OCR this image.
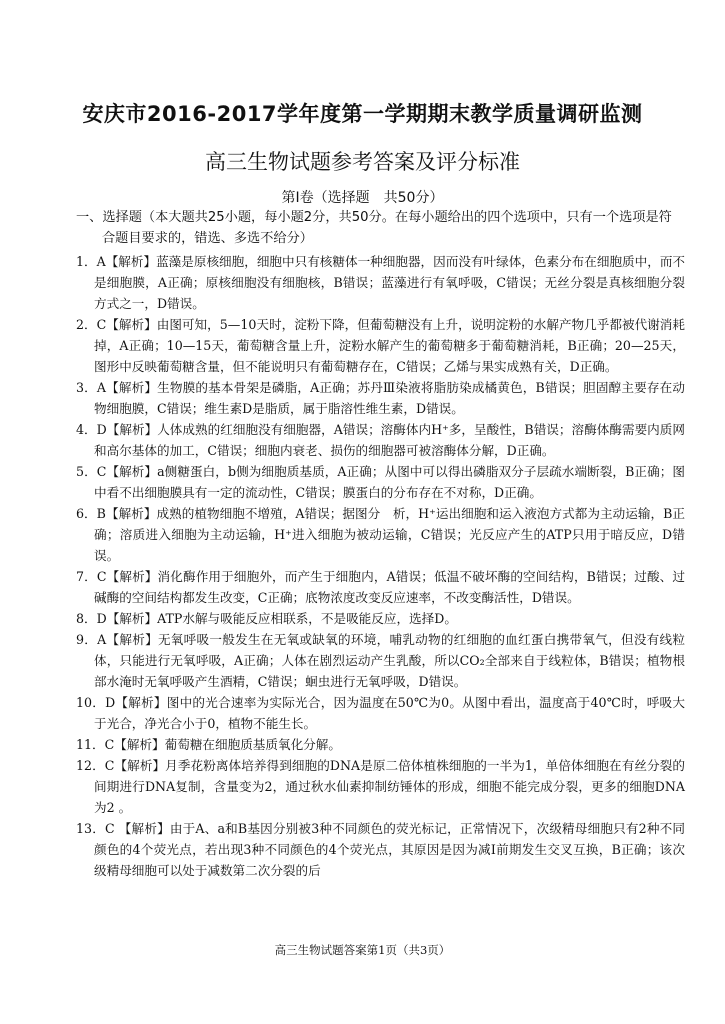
安庆市2016-2017学年度第一学期期末教学质量调研监测
高三生物试题参考答案及评分标准
第Ⅰ卷（选择题　共50分）
一、选择题（本大题共25小题，每小题2分，共50分。在每小题给出的四个选项中，只有一个选项是符合题目要求的，错选、多选不给分）

1．A【解析】蓝藻是原核细胞，细胞中只有核糖体一种细胞器，因而没有叶绿体，色素分布在细胞质中，而不是细胞膜，A正确；原核细胞没有细胞核，B错误；蓝藻进行有氧呼吸，C错误；无丝分裂是真核细胞分裂方式之一，D错误。

2．C【解析】由图可知，5—10天时，淀粉下降，但葡萄糖没有上升，说明淀粉的水解产物几乎都被代谢消耗掉，A正确；10—15天，葡萄糖含量上升，淀粉水解产生的葡萄糖多于葡萄糖消耗，B正确；20—25天，图形中反映葡萄糖含量，但不能说明只有葡萄糖存在，C错误；乙烯与果实成熟有关，D正确。

3．A【解析】生物膜的基本骨架是磷脂，A正确；苏丹Ⅲ染液将脂肪染成橘黄色，B错误；胆固醇主要存在动物细胞膜，C错误；维生素D是脂质，属于脂溶性维生素，D错误。

4．D【解析】人体成熟的红细胞没有细胞器，A错误；溶酶体内H⁺多，呈酸性，B错误；溶酶体酶需要内质网和高尔基体的加工，C错误；细胞内衰老、损伤的细胞器可被溶酶体分解，D正确。

5．C【解析】a侧糖蛋白，b侧为细胞质基质，A正确；从图中可以得出磷脂双分子层疏水端断裂，B正确；图中看不出细胞膜具有一定的流动性，C错误；膜蛋白的分布存在不对称，D正确。

6．B【解析】成熟的植物细胞不增殖，A错误；据图分　析，H⁺运出细胞和运入液泡方式都为主动运输，B正确；溶质进入细胞为主动运输，H⁺进入细胞为被动运输，C错误；光反应产生的ATP只用于暗反应，D错误。

7．C【解析】消化酶作用于细胞外，而产生于细胞内，A错误；低温不破坏酶的空间结构，B错误；过酸、过碱酶的空间结构都发生改变，C正确；底物浓度改变反应速率，不改变酶活性，D错误。

8．D【解析】ATP水解与吸能反应相联系，不是吸能反应，选择D。

9．A【解析】无氧呼吸一般发生在无氧或缺氧的环境，哺乳动物的红细胞的血红蛋白携带氧气，但没有线粒体，只能进行无氧呼吸，A正确；人体在剧烈运动产生乳酸，所以CO₂全部来自于线粒体，B错误；植物根部水淹时无氧呼吸产生酒精，C错误；蛔虫进行无氧呼吸，D错误。

10．D【解析】图中的光合速率为实际光合，因为温度在50℃为0。从图中看出，温度高于40℃时，呼吸大于光合，净光合小于0，植物不能生长。

11．C【解析】葡萄糖在细胞质基质氧化分解。

12．C【解析】月季花粉离体培养得到细胞的DNA是原二倍体植株细胞的一半为1，单倍体细胞在有丝分裂的间期进行DNA复制，含量变为2，通过秋水仙素抑制纺锤体的形成，细胞不能完成分裂，更多的细胞DNA为2 。

13．C 【解析】由于A、a和B基因分别被3种不同颜色的荧光标记，正常情况下，次级精母细胞只有2种不同颜色的4个荧光点，若出现3种不同颜色的4个荧光点，其原因是因为减Ⅰ前期发生交叉互换，B正确；该次级精母细胞可以处于减数第二次分裂的后

高三生物试题答案第1页（共3页）
